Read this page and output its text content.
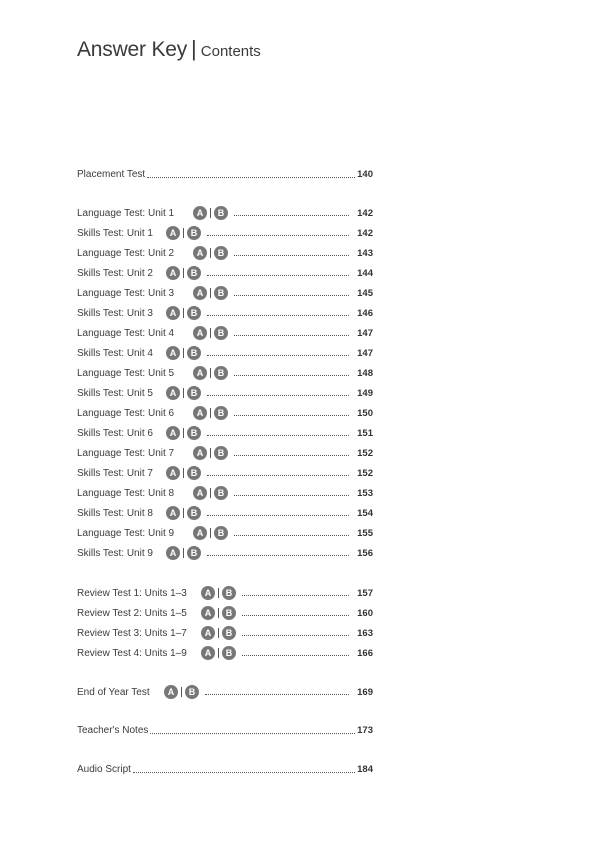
Answer Key | Contents
Placement Test	140
Language Test: Unit 1	A	B	142
Skills Test: Unit 1	A	B	142
Language Test: Unit 2	A	B	143
Skills Test: Unit 2	A	B	144
Language Test: Unit 3	A	B	145
Skills Test: Unit 3	A	B	146
Language Test: Unit 4	A	B	147
Skills Test: Unit 4	A	B	147
Language Test: Unit 5	A	B	148
Skills Test: Unit 5	A	B	149
Language Test: Unit 6	A	B	150
Skills Test: Unit 6	A	B	151
Language Test: Unit 7	A	B	152
Skills Test: Unit 7	A	B	152
Language Test: Unit 8	A	B	153
Skills Test: Unit 8	A	B	154
Language Test: Unit 9	A	B	155
Skills Test: Unit 9	A	B	156
Review Test 1: Units 1–3	A	B	157
Review Test 2: Units 1–5	A	B	160
Review Test 3: Units 1–7	A	B	163
Review Test 4: Units 1–9	A	B	166
End of Year Test	A	B	169
Teacher's Notes	173
Audio Script	184
